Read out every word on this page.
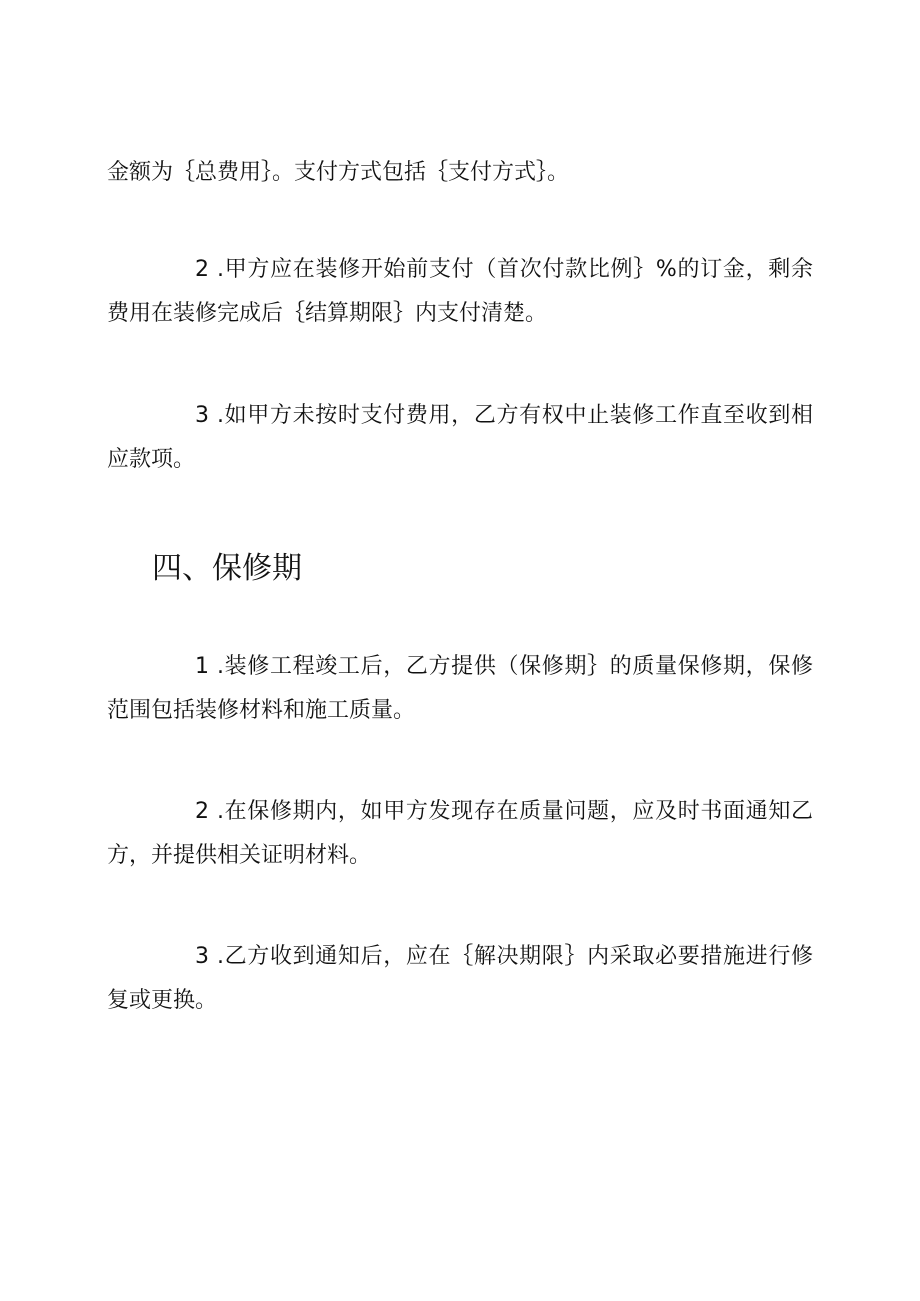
金额为｛总费用｝。支付方式包括｛支付方式｝。

2 .甲方应在装修开始前支付（首次付款比例｝%的订金，剩余费用在装修完成后｛结算期限｝内支付清楚。

3 .如甲方未按时支付费用，乙方有权中止装修工作直至收到相应款项。

四、保修期

1 .装修工程竣工后，乙方提供（保修期｝的质量保修期，保修范围包括装修材料和施工质量。

2 .在保修期内，如甲方发现存在质量问题，应及时书面通知乙方，并提供相关证明材料。

3 .乙方收到通知后，应在｛解决期限｝内采取必要措施进行修复或更换。
